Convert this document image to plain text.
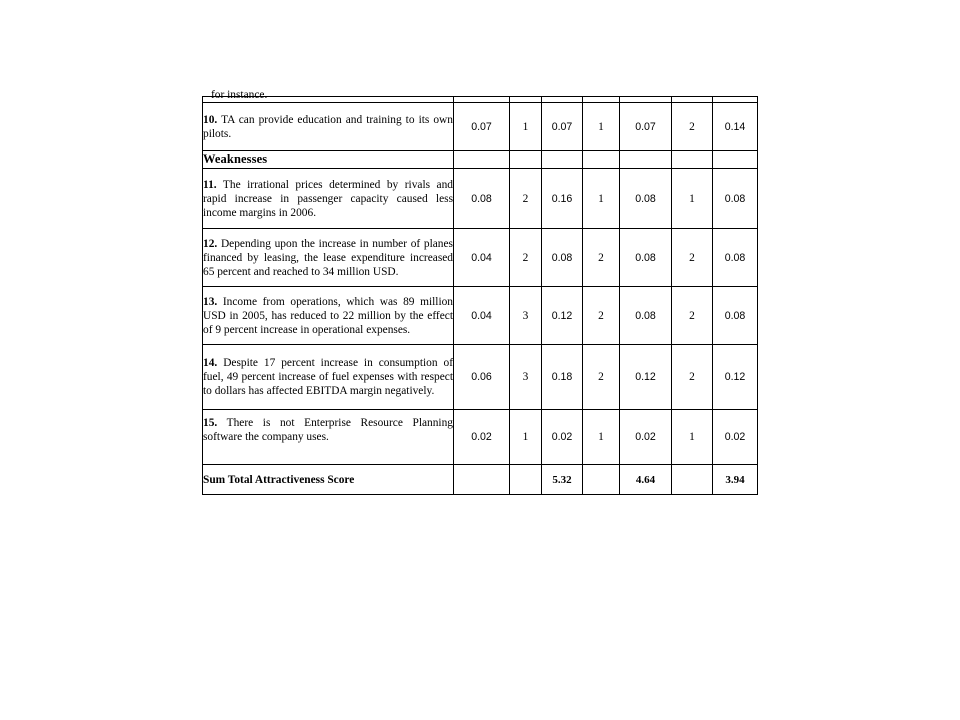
for instance.							

10. TA can provide education and training to its own pilots.	0.07	1	0.07	1	0.07	2	0.14
Weaknesses							
11. The irrational prices determined by rivals and rapid increase in passenger capacity caused less income margins in 2006.	0.08	2	0.16	1	0.08	1	0.08
12. Depending upon the increase in number of planes financed by leasing, the lease expenditure increased 65 percent and reached to 34 million USD.	0.04	2	0.08	2	0.08	2	0.08
13. Income from operations, which was 89 million USD in 2005, has reduced to 22 million by the effect of 9 percent increase in operational expenses.	0.04	3	0.12	2	0.08	2	0.08
14. Despite 17 percent increase in consumption of fuel, 49 percent increase of fuel expenses with respect to dollars has affected EBITDA margin negatively.	0.06	3	0.18	2	0.12	2	0.12
15. There is not Enterprise Resource Planning software the company uses.	0.02	1	0.02	1	0.02	1	0.02
Sum Total Attractiveness Score			5.32		4.64		3.94
